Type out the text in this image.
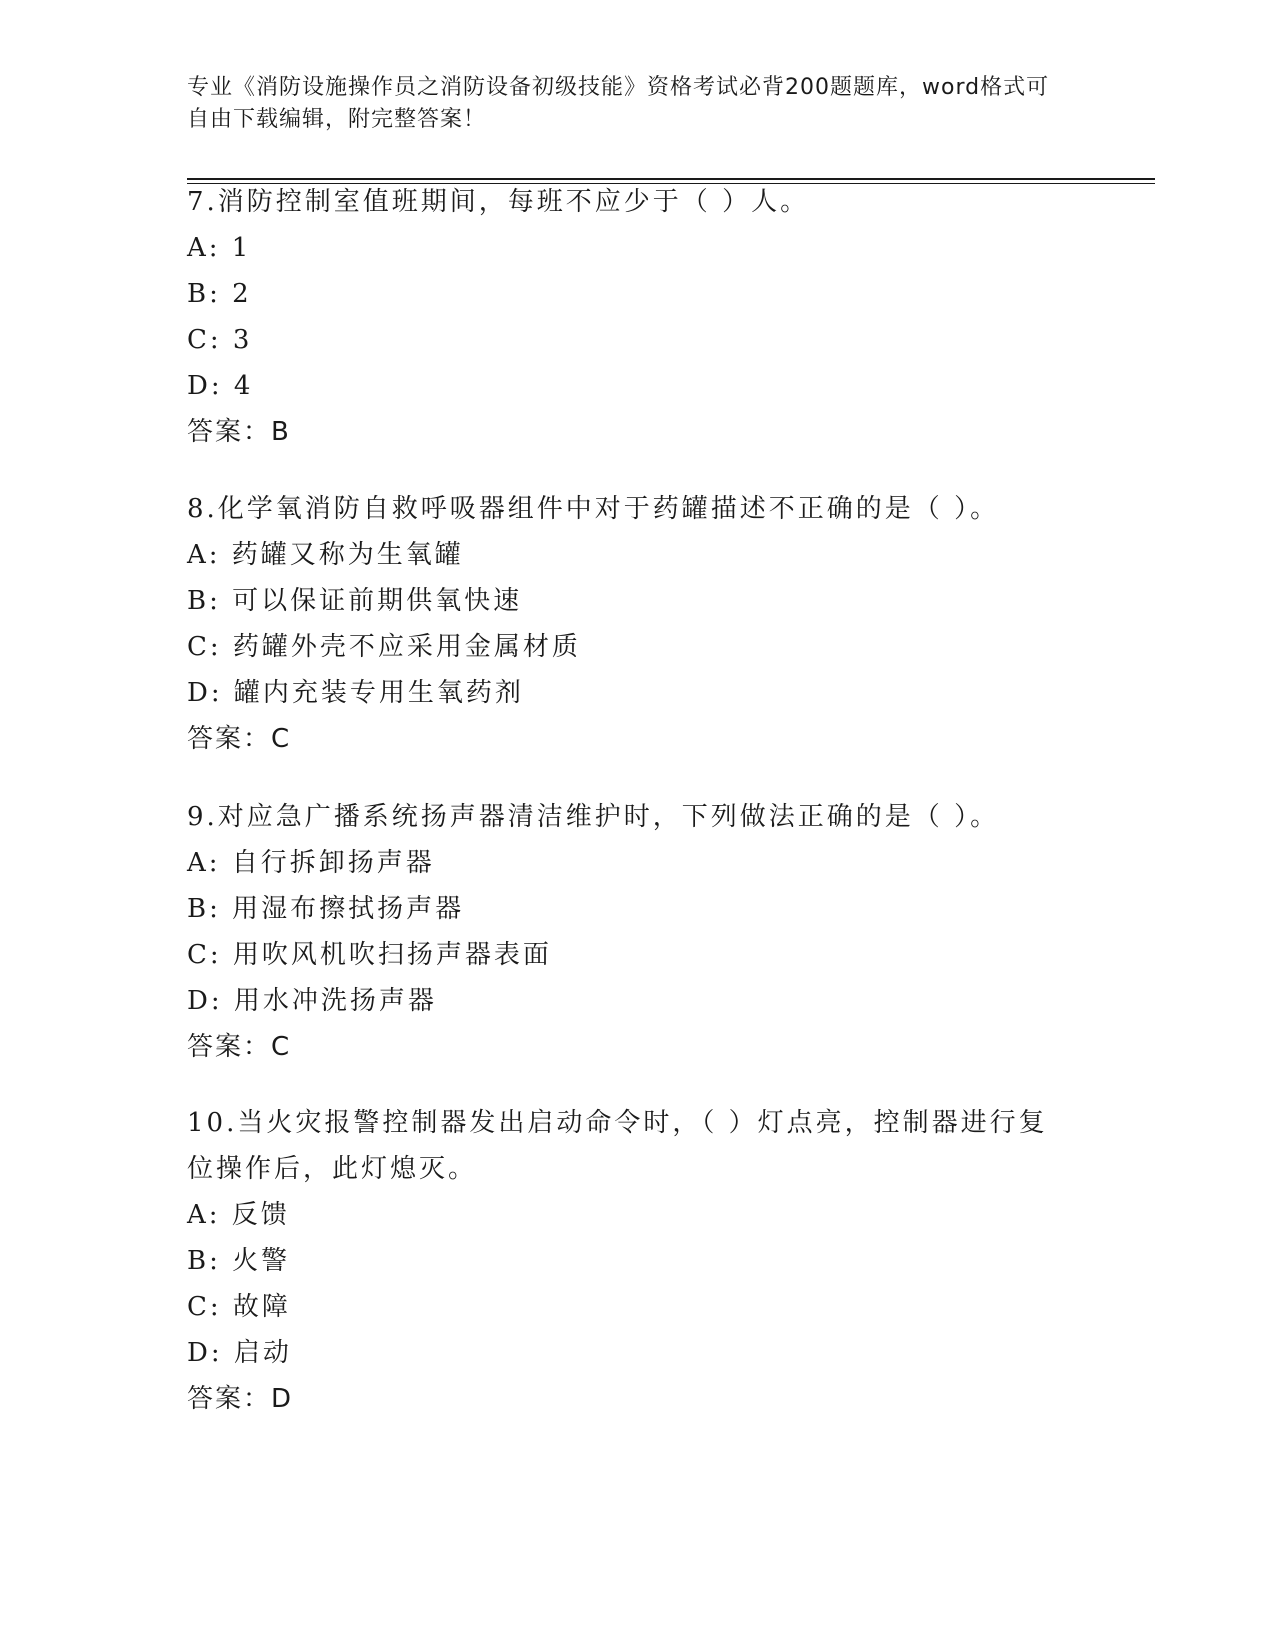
专业《消防设施操作员之消防设备初级技能》资格考试必背200题题库，word格式可自由下载编辑，附完整答案！
7.消防控制室值班期间，每班不应少于（ ）人。
A: 1
B: 2
C: 3
D: 4
答案：B
8.化学氧消防自救呼吸器组件中对于药罐描述不正确的是（ ）。
A: 药罐又称为生氧罐
B: 可以保证前期供氧快速
C: 药罐外壳不应采用金属材质
D: 罐内充装专用生氧药剂
答案：C
9.对应急广播系统扬声器清洁维护时，下列做法正确的是（ ）。
A: 自行拆卸扬声器
B: 用湿布擦拭扬声器
C: 用吹风机吹扫扬声器表面
D: 用水冲洗扬声器
答案：C
10.当火灾报警控制器发出启动命令时，（ ）灯点亮，控制器进行复位操作后，此灯熄灭。
A: 反馈
B: 火警
C: 故障
D: 启动
答案：D
